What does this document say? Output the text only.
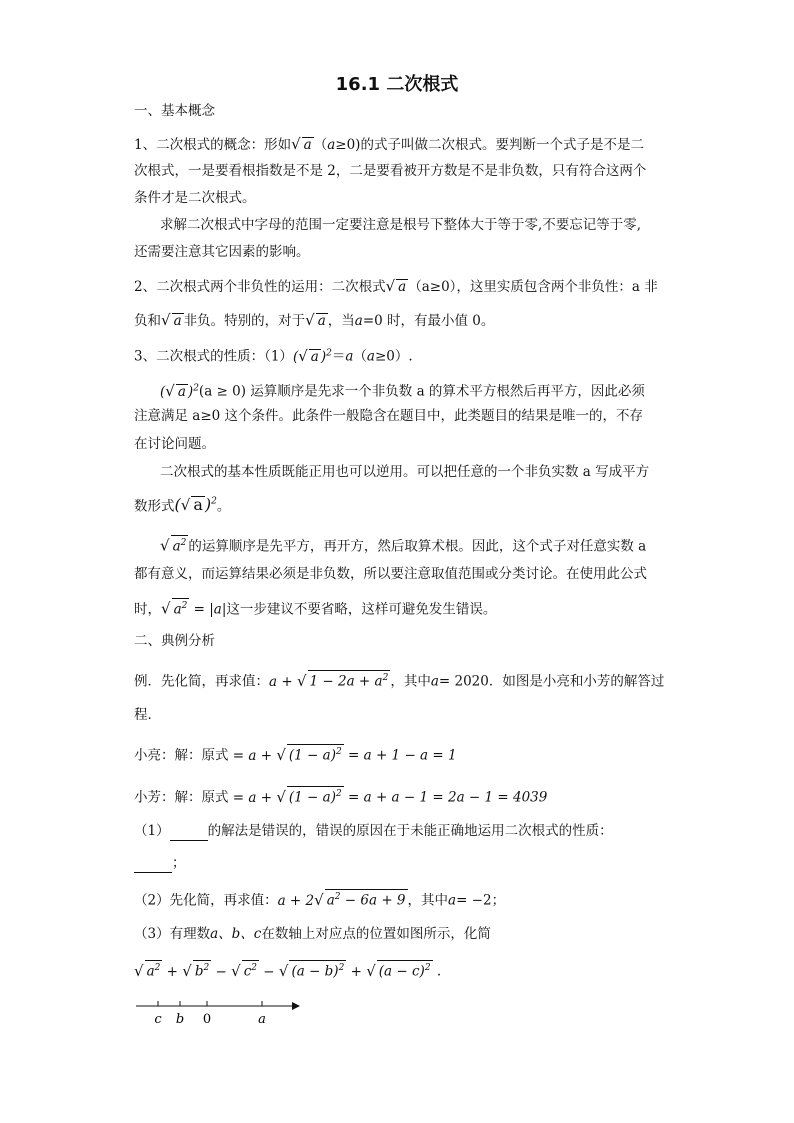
16.1 二次根式
一、基本概念
1、二次根式的概念：形如√ a （a≥0)的式子叫做二次根式。要判断一个式子是不是二
次根式，一是要看根指数是不是 2，二是要看被开方数是不是非负数，只有符合这两个
条件才是二次根式。
求解二次根式中字母的范围一定要注意是根号下整体大于等于零,不要忘记等于零,
还需要注意其它因素的影响。
2、二次根式两个非负性的运用：二次根式√ a （a≥0），这里实质包含两个非负性：a 非
负和√ a 非负。特别的，对于√ a ，当a=0 时，有最小值 0。
3、二次根式的性质：（1）(√ a )$^2$＝a（a≥0）.
(√ a )$^2$(a ≥ 0) 运算顺序是先求一个非负数 a 的算术平方根然后再平方，因此必须
注意满足 a≥0 这个条件。此条件一般隐含在题目中，此类题目的结果是唯一的，不存
在讨论问题。
二次根式的基本性质既能正用也可以逆用。可以把任意的一个非负实数 a 写成平方
数形式(√ a )$^2$。
√ $a^2$ 的运算顺序是先平方，再开方，然后取算术根。因此，这个式子对任意实数 a
都有意义，而运算结果必须是非负数，所以要注意取值范围或分类讨论。在使用此公式
时，√ $a^2 = |a|$这一步建议不要省略，这样可避免发生错误。
二、典例分析
例．先化简，再求值：a + √ $1 - 2a + a^2$ ，其中a= 2020．如图是小亮和小芳的解答过
程．
小亮：解：原式 = a + √ $(1 - a)^2 = a + 1 - a = 1$
小芳：解：原式 = a + √ $(1 - a)^2 = a + a - 1 = 2a - 1 = 4039$
（1）	的解法是错误的，错误的原因在于未能正确地运用二次根式的性质：
；
（2）先化简，再求值：a + 2√ $a^2 - 6a + 9$ ，其中a= −2；
（3）有理数a、b、c在数轴上对应点的位置如图所示，化简
√ $a^2$ + √ $b^2$ − √ $c^2$ − √ $(a - b)^2$ + √ $(a - c)^2$ .
c b 0	a
